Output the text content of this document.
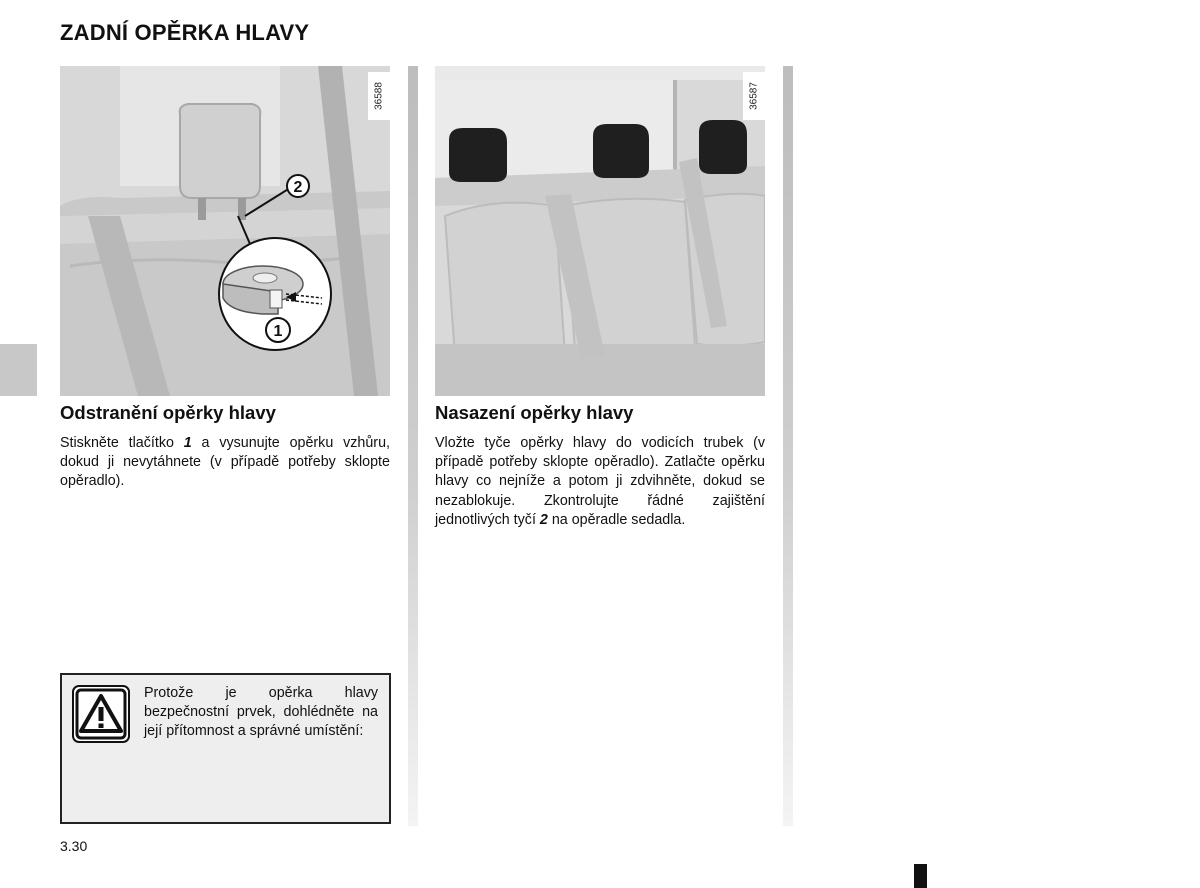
ZADNÍ OPĚRKA HLAVY
2
1
36588	36587
Odstranění opěrky hlavy
Stiskněte tlačítko 1 a vysunujte opěrku vzhůru, dokud ji nevytáhnete (v případě potřeby sklopte opěradlo).
Nasazení opěrky hlavy
Vložte tyče opěrky hlavy do vodicích trubek (v případě potřeby sklopte opěradlo). Zatlačte opěrku hlavy co nejníže a potom ji zdvihněte, dokud se nezablokuje. Zkontrolujte řádné zajištění jednotlivých tyčí 2 na opěradle sedadla.
Protože je opěrka hlavy bezpečnostní prvek, dohlédněte na její přítomnost a správné umístění:
3.30
